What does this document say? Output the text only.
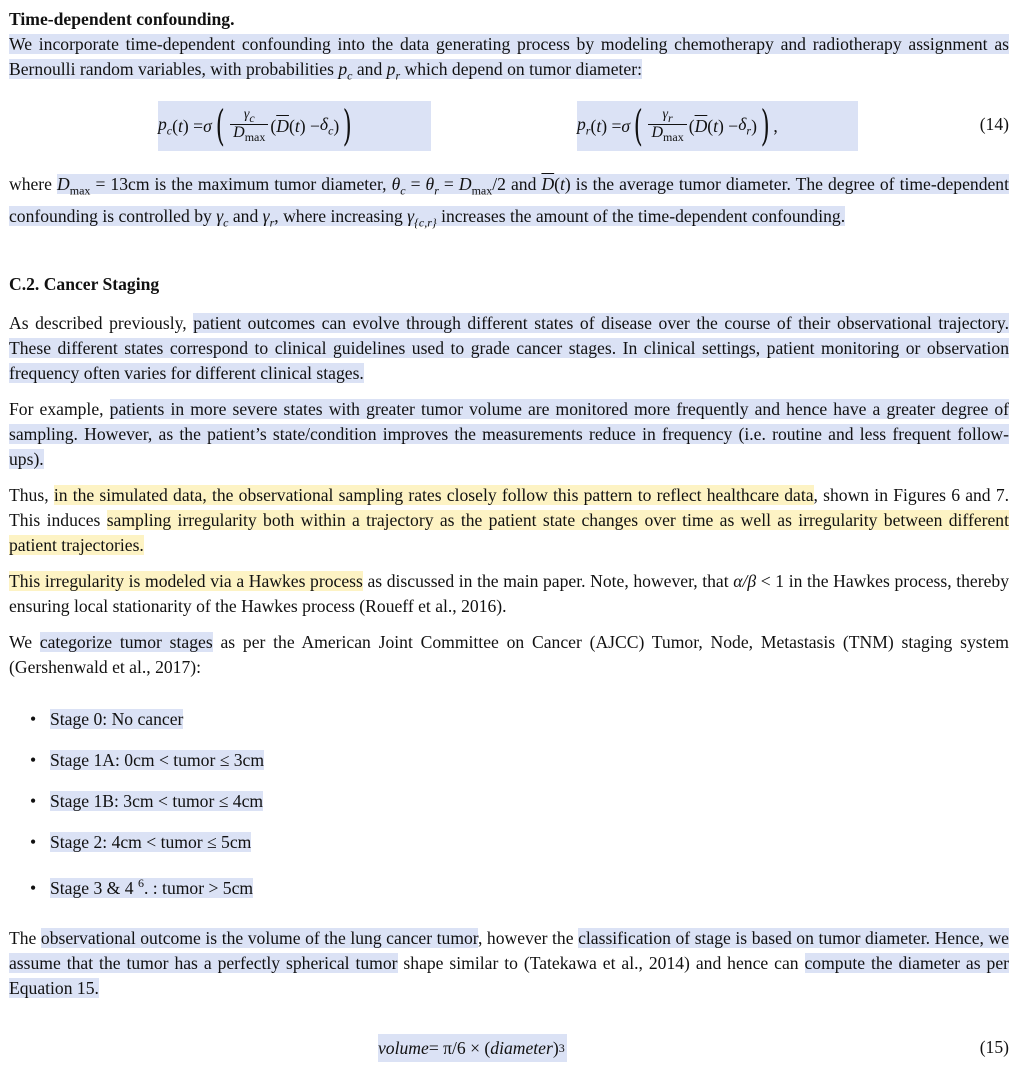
Time-dependent confounding.
We incorporate time-dependent confounding into the data generating process by modeling chemotherapy and radiotherapy assignment as Bernoulli random variables, with probabilities $p_c$ and $p_r$ which depend on tumor diameter:
$p_c$ ( t ) = σ ( $\frac{\gamma_c}{D_{max}}$ ( $\overline{D}$ ( t ) − $\delta_c$ ) )	$p_r$ ( t ) = σ ( $\frac{\gamma_r}{D_{max}}$ ( $\overline{D}$ ( t ) − $\delta_r$ ) ) ,	(14)
where $D_{max} = 13cm$ is the maximum tumor diameter, $\theta_c = \theta_r = D_{max}/2$ and $\overline{D}(t)$ is the average tumor diameter. The degree of time-dependent confounding is controlled by $\gamma_c$ and $\gamma_r$, where increasing $\gamma_{\{c,r\}}$ increases the amount of the time-dependent confounding.
C.2. Cancer Staging
As described previously, patient outcomes can evolve through different states of disease over the course of their observational trajectory. These different states correspond to clinical guidelines used to grade cancer stages. In clinical settings, patient monitoring or observation frequency often varies for different clinical stages.
For example, patients in more severe states with greater tumor volume are monitored more frequently and hence have a greater degree of sampling. However, as the patient’s state/condition improves the measurements reduce in frequency (i.e. routine and less frequent follow-ups).
Thus, in the simulated data, the observational sampling rates closely follow this pattern to reflect healthcare data, shown in Figures 6 and 7. This induces sampling irregularity both within a trajectory as the patient state changes over time as well as irregularity between different patient trajectories.
This irregularity is modeled via a Hawkes process as discussed in the main paper. Note, however, that α/β < 1 in the Hawkes process, thereby ensuring local stationarity of the Hawkes process (Roueff et al., 2016).
We categorize tumor stages as per the American Joint Committee on Cancer (AJCC) Tumor, Node, Metastasis (TNM) staging system (Gershenwald et al., 2017):
• Stage 0: No cancer
• Stage 1A: 0cm < tumor ≤ 3cm
• Stage 1B: 3cm < tumor ≤ 4cm
• Stage 2: 4cm < tumor ≤ 5cm
• Stage 3 & 4 $^6$. : tumor > 5cm
The observational outcome is the volume of the lung cancer tumor, however the classification of stage is based on tumor diameter. Hence, we assume that the tumor has a perfectly spherical tumor shape similar to (Tatekawa et al., 2014) and hence can compute the diameter as per Equation 15.
volume = π/6 × ( diameter ) 3	(15)
